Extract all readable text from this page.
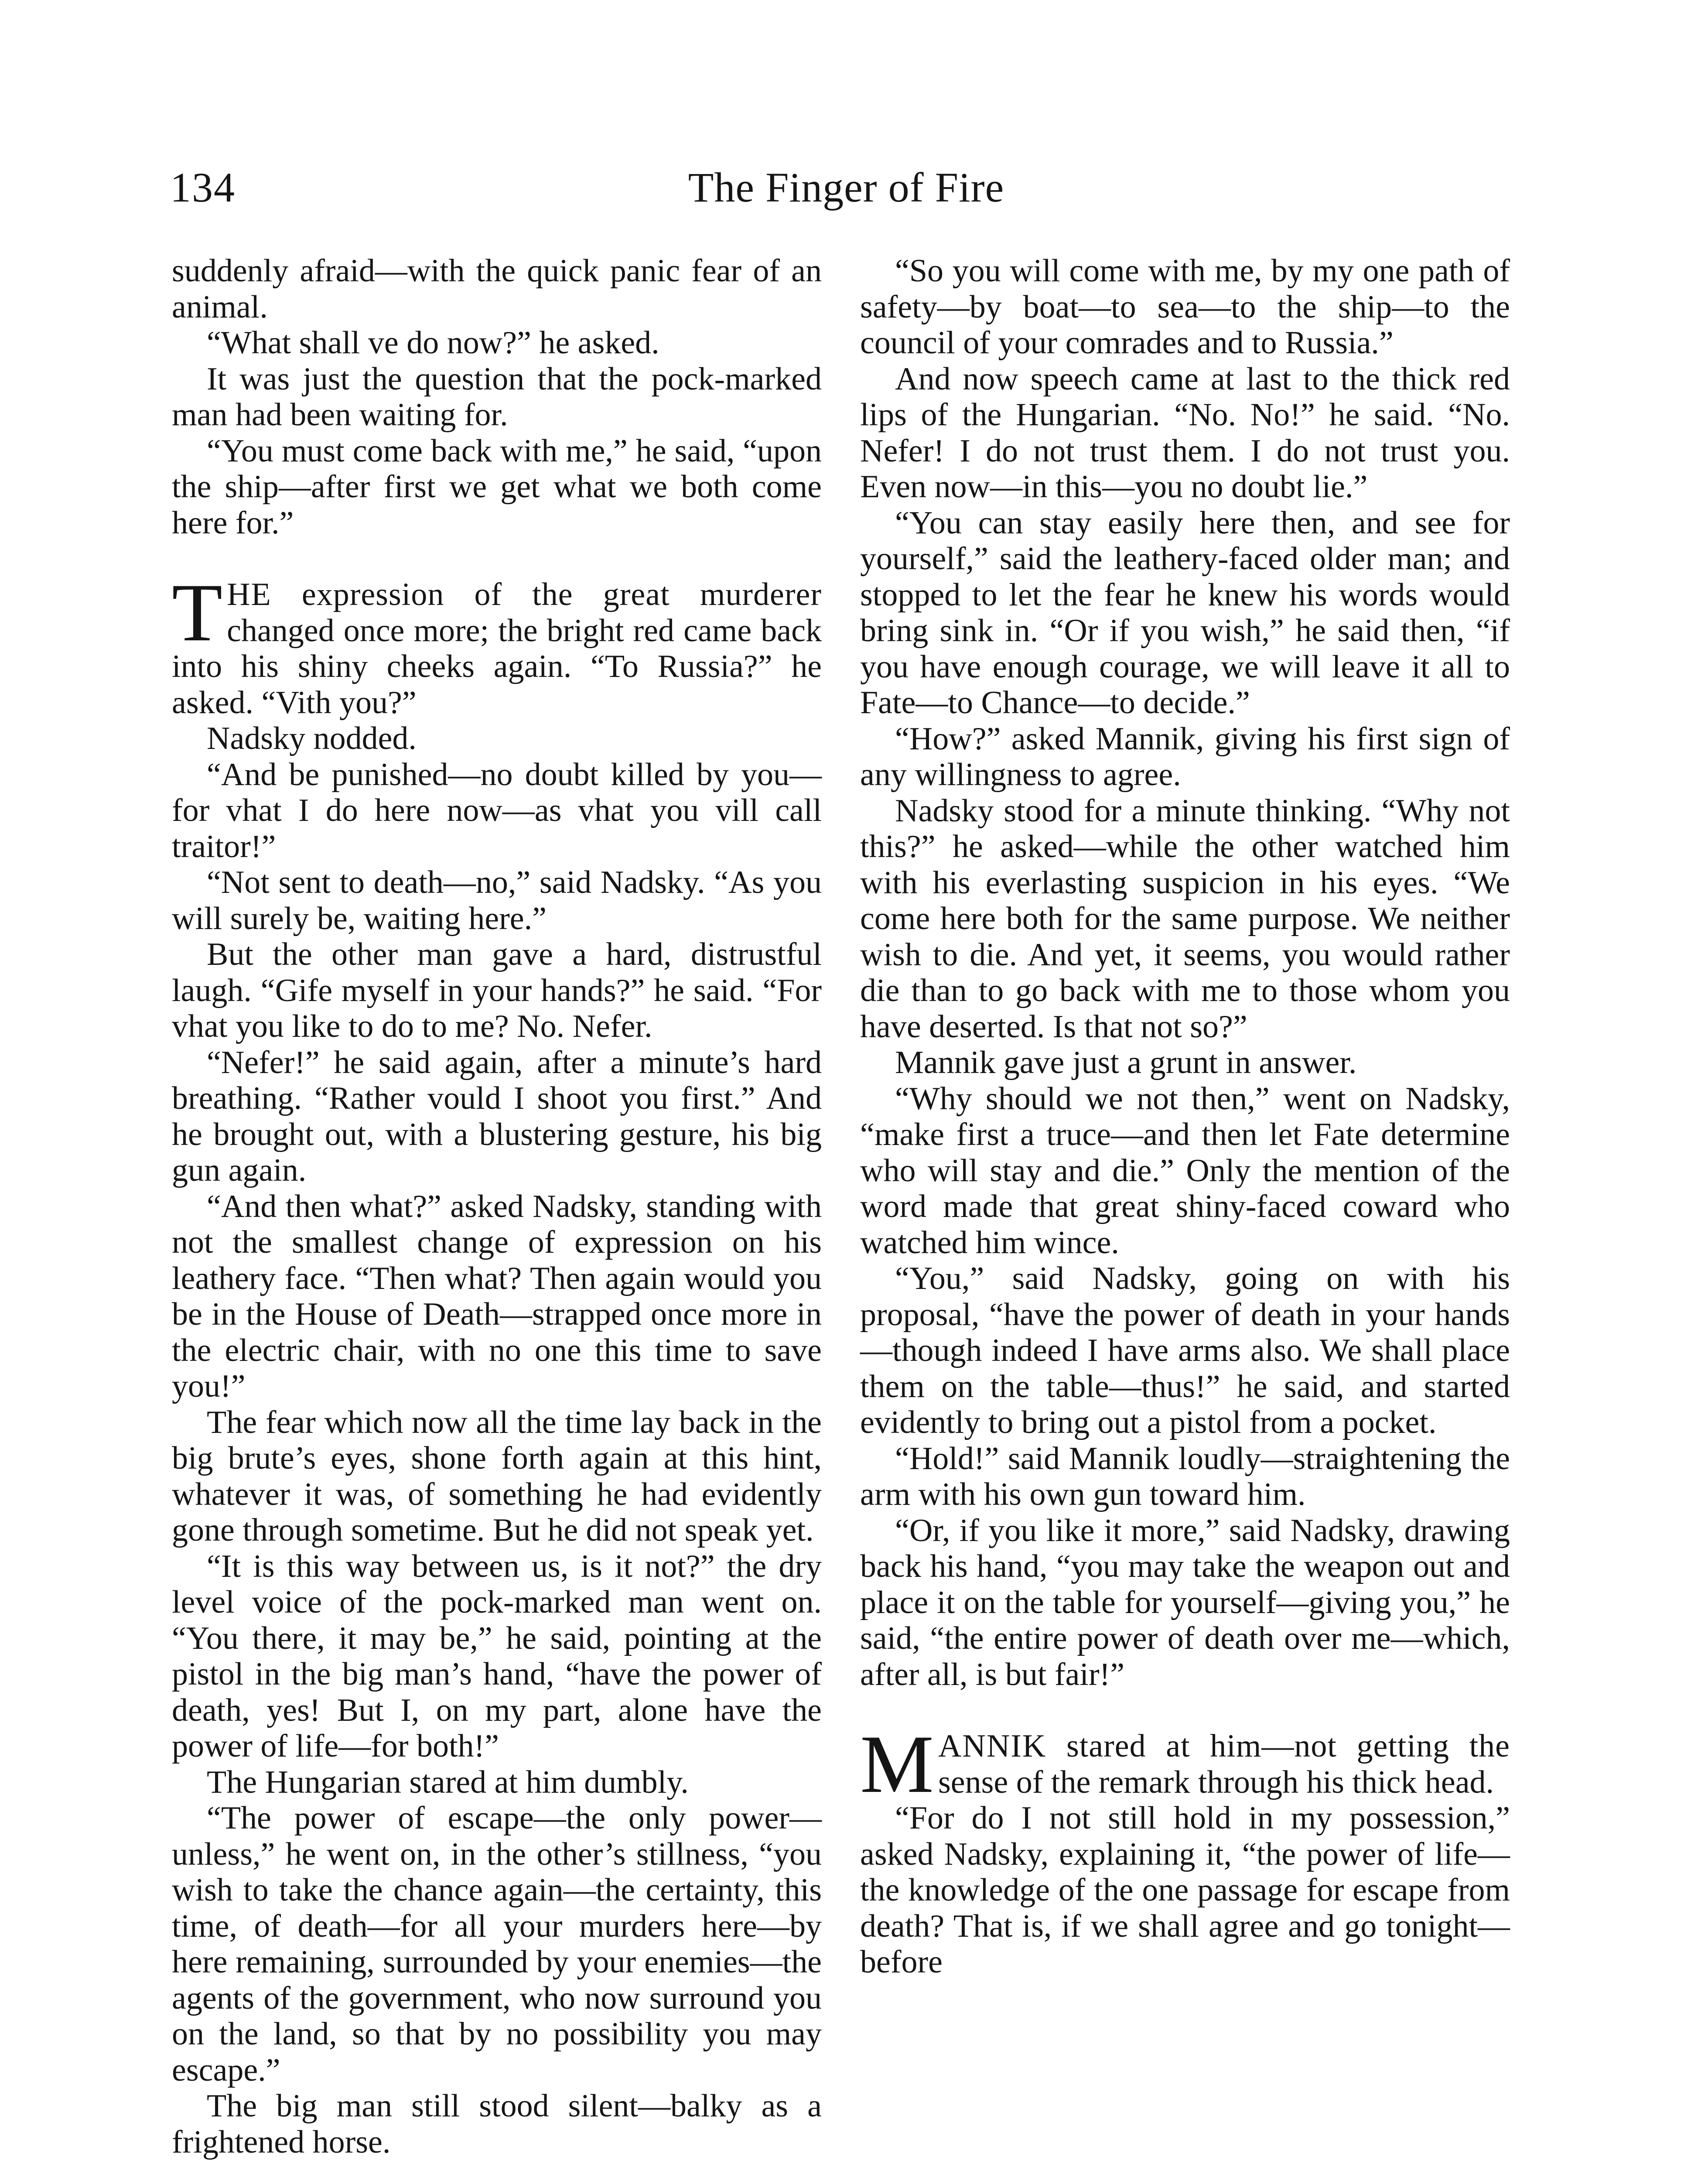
134	The Finger of Fire

suddenly afraid—with the quick panic fear of an animal.

“What shall ve do now?” he asked.

It was just the question that the pock-marked man had been waiting for.

“You must come back with me,” he said, “upon the ship—after first we get what we both come here for.”

THE expression of the great murderer changed once more; the bright red came back into his shiny cheeks again. “To Russia?” he asked. “Vith you?”

Nadsky nodded.

“And be punished—no doubt killed by you—for vhat I do here now—as vhat you vill call traitor!”

“Not sent to death—no,” said Nadsky. “As you will surely be, waiting here.”

But the other man gave a hard, distrustful laugh. “Gife myself in your hands?” he said. “For vhat you like to do to me? No. Nefer.

“Nefer!” he said again, after a minute’s hard breathing. “Rather vould I shoot you first.” And he brought out, with a blustering gesture, his big gun again.

“And then what?” asked Nadsky, standing with not the smallest change of expression on his leathery face. “Then what? Then again would you be in the House of Death—strapped once more in the electric chair, with no one this time to save you!”

The fear which now all the time lay back in the big brute’s eyes, shone forth again at this hint, whatever it was, of something he had evidently gone through sometime. But he did not speak yet.

“It is this way between us, is it not?” the dry level voice of the pock-marked man went on. “You there, it may be,” he said, pointing at the pistol in the big man’s hand, “have the power of death, yes! But I, on my part, alone have the power of life—for both!”

The Hungarian stared at him dumbly.

“The power of escape—the only power—unless,” he went on, in the other’s stillness, “you wish to take the chance again—the certainty, this time, of death—for all your murders here—by here remaining, surrounded by your enemies—the agents of the government, who now surround you on the land, so that by no possibility you may escape.”

The big man still stood silent—balky as a frightened horse.

“So you will come with me, by my one path of safety—by boat—to sea—to the ship—to the council of your comrades and to Russia.”

And now speech came at last to the thick red lips of the Hungarian. “No. No!” he said. “No. Nefer! I do not trust them. I do not trust you. Even now—in this—you no doubt lie.”

“You can stay easily here then, and see for yourself,” said the leathery-faced older man; and stopped to let the fear he knew his words would bring sink in. “Or if you wish,” he said then, “if you have enough courage, we will leave it all to Fate—to Chance—to decide.”

“How?” asked Mannik, giving his first sign of any willingness to agree.

Nadsky stood for a minute thinking. “Why not this?” he asked—while the other watched him with his everlasting suspicion in his eyes. “We come here both for the same purpose. We neither wish to die. And yet, it seems, you would rather die than to go back with me to those whom you have deserted. Is that not so?”

Mannik gave just a grunt in answer.

“Why should we not then,” went on Nadsky, “make first a truce—and then let Fate determine who will stay and die.” Only the mention of the word made that great shiny-faced coward who watched him wince.

“You,” said Nadsky, going on with his proposal, “have the power of death in your hands—though indeed I have arms also. We shall place them on the table—thus!” he said, and started evidently to bring out a pistol from a pocket.

“Hold!” said Mannik loudly—straightening the arm with his own gun toward him.

“Or, if you like it more,” said Nadsky, drawing back his hand, “you may take the weapon out and place it on the table for yourself—giving you,” he said, “the entire power of death over me—which, after all, is but fair!”

MANNIK stared at him—not getting the sense of the remark through his thick head.

“For do I not still hold in my possession,” asked Nadsky, explaining it, “the power of life—the knowledge of the one passage for escape from death? That is, if we shall agree and go tonight—before
